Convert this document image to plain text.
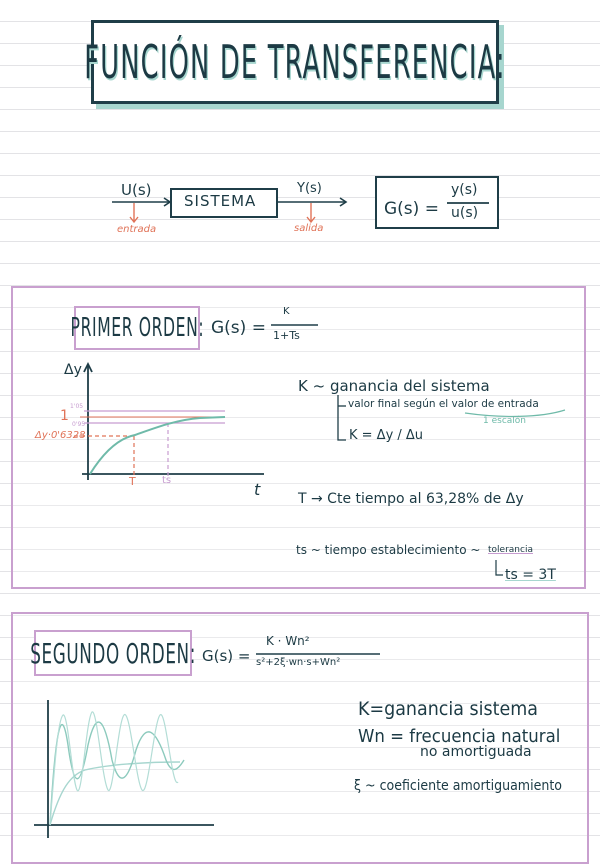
FUNCIÓN DE TRANSFERENCIA:
SISTEMA
U(s)	Y(s)
entrada	salida
G(s) =
y(s)
u(s)
PRIMER ORDEN: G(s) =
K
1+Ts
Δy
t
1'05
1
0'95
Δy·0'6328
T	ts
K ~ ganancia del sistema
valor final según el valor de entrada
1 escalón
K = Δy / Δu
T → Cte tiempo al 63,28% de Δy
ts ~ tiempo establecimiento ~ tolerancia
ts = 3T
SEGUNDO ORDEN: G(s) =
K · Wn²
s²+2ξ·wn·s+Wn²
K=ganancia sistema
Wn = frecuencia natural
no amortiguada
ξ ~ coeficiente amortiguamiento
